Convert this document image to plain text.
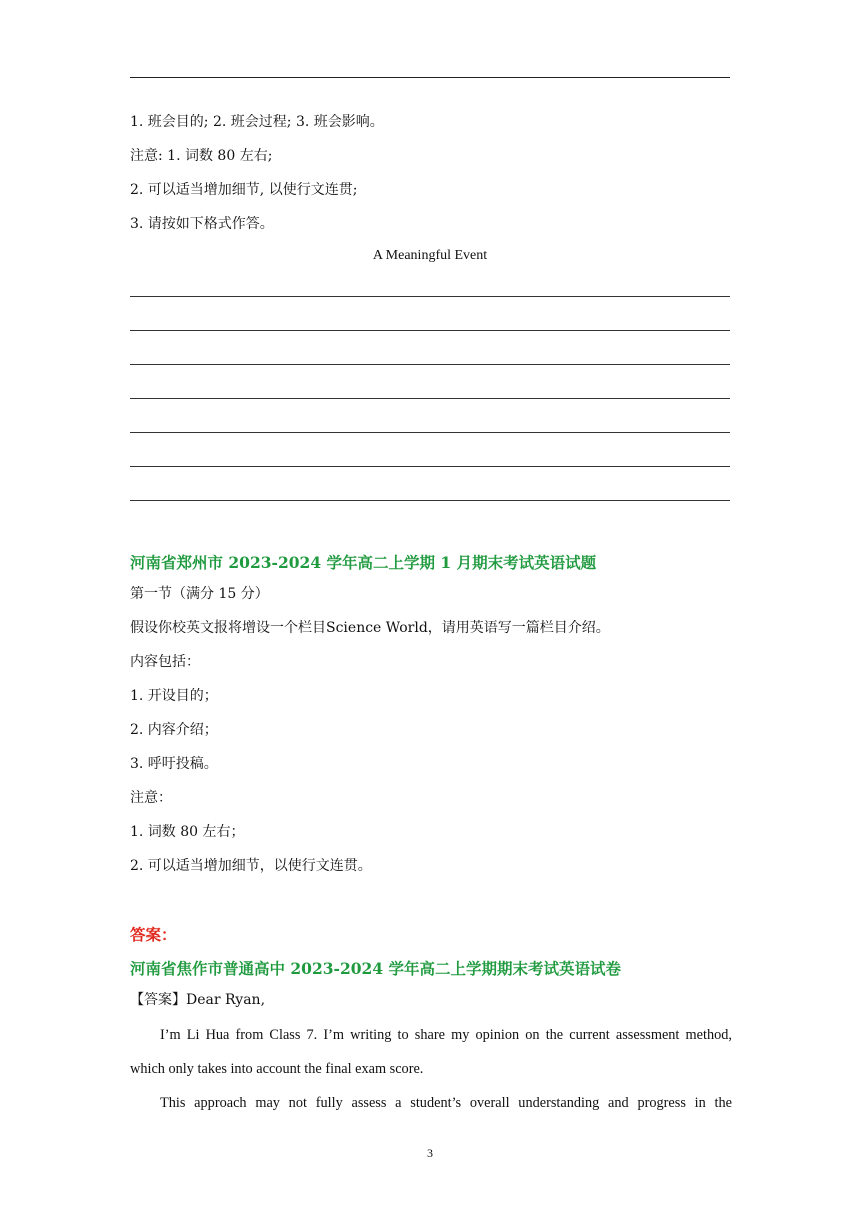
1. 班会目的; 2. 班会过程; 3. 班会影响。
注意: 1. 词数 80 左右;
2. 可以适当增加细节, 以使行文连贯;
3. 请按如下格式作答。
A Meaningful Event
河南省郑州市 2023-2024 学年高二上学期 1 月期末考试英语试题
第一节（满分 15 分）
假设你校英文报将增设一个栏目Science World，请用英语写一篇栏目介绍。
内容包括：
1. 开设目的；
2. 内容介绍；
3. 呼吁投稿。
注意：
1. 词数 80 左右；
2. 可以适当增加细节，以使行文连贯。
答案：
河南省焦作市普通高中 2023-2024 学年高二上学期期末考试英语试卷
【答案】Dear Ryan,
I’m Li Hua from Class 7. I’m writing to share my opinion on the current assessment method,
which only takes into account the final exam score.
This approach may not fully assess a student’s overall understanding and progress in the
3
